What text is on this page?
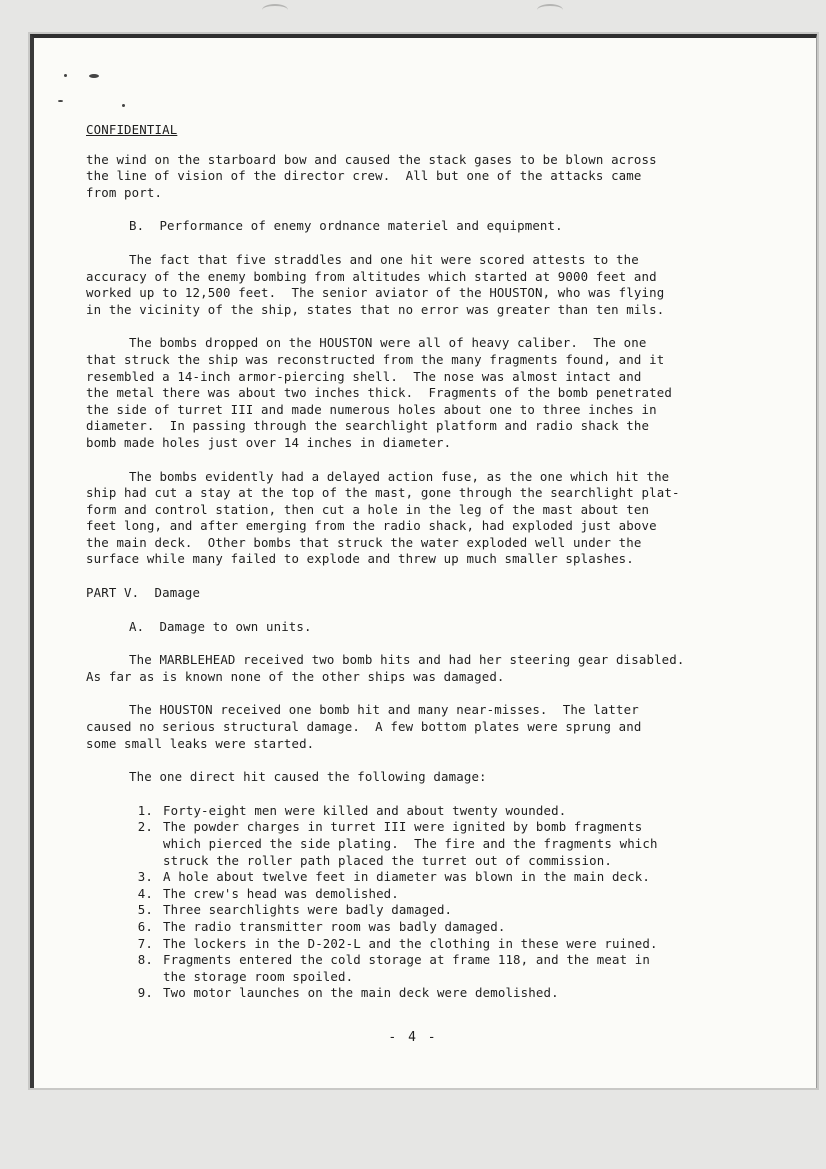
CONFIDENTIAL

the wind on the starboard bow and caused the stack gases to be blown across
the line of vision of the director crew.  All but one of the attacks came
from port.

B.  Performance of enemy ordnance materiel and equipment.

The fact that five straddles and one hit were scored attests to the
accuracy of the enemy bombing from altitudes which started at 9000 feet and
worked up to 12,500 feet.  The senior aviator of the HOUSTON, who was flying
in the vicinity of the ship, states that no error was greater than ten mils.

The bombs dropped on the HOUSTON were all of heavy caliber.  The one
that struck the ship was reconstructed from the many fragments found, and it
resembled a 14-inch armor-piercing shell.  The nose was almost intact and
the metal there was about two inches thick.  Fragments of the bomb penetrated
the side of turret III and made numerous holes about one to three inches in
diameter.  In passing through the searchlight platform and radio shack the
bomb made holes just over 14 inches in diameter.

The bombs evidently had a delayed action fuse, as the one which hit the
ship had cut a stay at the top of the mast, gone through the searchlight plat-
form and control station, then cut a hole in the leg of the mast about ten
feet long, and after emerging from the radio shack, had exploded just above
the main deck.  Other bombs that struck the water exploded well under the
surface while many failed to explode and threw up much smaller splashes.

PART V.  Damage

A.  Damage to own units.

The MARBLEHEAD received two bomb hits and had her steering gear disabled.
As far as is known none of the other ships was damaged.

The HOUSTON received one bomb hit and many near-misses.  The latter
caused no serious structural damage.  A few bottom plates were sprung and
some small leaks were started.

The one direct hit caused the following damage:

1. Forty-eight men were killed and about twenty wounded.
2. The powder charges in turret III were ignited by bomb fragments
which pierced the side plating.  The fire and the fragments which
struck the roller path placed the turret out of commission.
3. A hole about twelve feet in diameter was blown in the main deck.
4. The crew's head was demolished.
5. Three searchlights were badly damaged.
6. The radio transmitter room was badly damaged.
7. The lockers in the D-202-L and the clothing in these were ruined.
8. Fragments entered the cold storage at frame 118, and the meat in
the storage room spoiled.
9. Two motor launches on the main deck were demolished.
- 4 -
